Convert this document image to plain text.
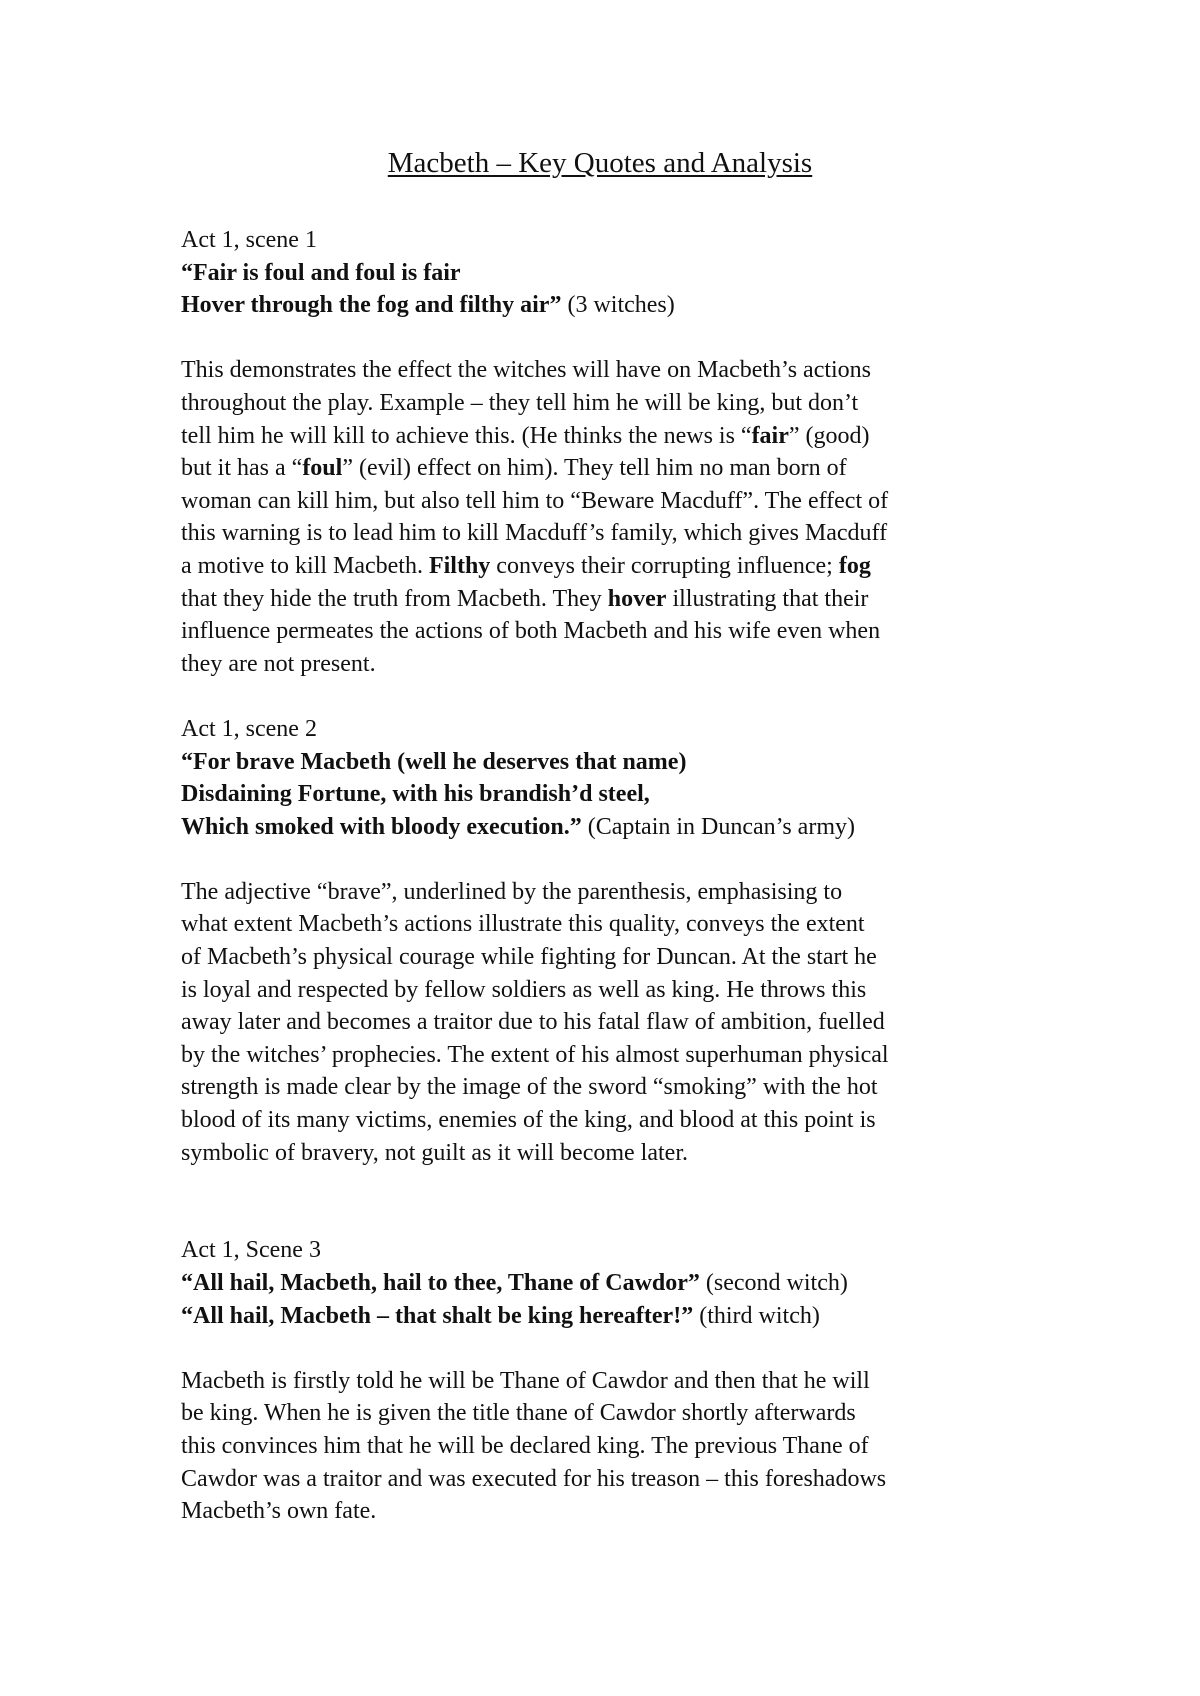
Macbeth – Key Quotes and Analysis
Act 1, scene 1
“Fair is foul and foul is fair
Hover through the fog and filthy air” (3 witches)
This demonstrates the effect the witches will have on Macbeth’s actions
throughout the play. Example – they tell him he will be king, but don’t
tell him he will kill to achieve this. (He thinks the news is “fair” (good)
but it has a “foul” (evil) effect on him). They tell him no man born of
woman can kill him, but also tell him to “Beware Macduff”. The effect of
this warning is to lead him to kill Macduff’s family, which gives Macduff
a motive to kill Macbeth. Filthy conveys their corrupting influence; fog
that they hide the truth from Macbeth. They hover illustrating that their
influence permeates the actions of both Macbeth and his wife even when
they are not present.
Act 1, scene 2
“For brave Macbeth (well he deserves that name)
Disdaining Fortune, with his brandish’d steel,
Which smoked with bloody execution.” (Captain in Duncan’s army)
The adjective “brave”, underlined by the parenthesis, emphasising to
what extent Macbeth’s actions illustrate this quality, conveys the extent
of Macbeth’s physical courage while fighting for Duncan. At the start he
is loyal and respected by fellow soldiers as well as king. He throws this
away later and becomes a traitor due to his fatal flaw of ambition, fuelled
by the witches’ prophecies. The extent of his almost superhuman physical
strength is made clear by the image of the sword “smoking” with the hot
blood of its many victims, enemies of the king, and blood at this point is
symbolic of bravery, not guilt as it will become later.
Act 1, Scene 3
“All hail, Macbeth, hail to thee, Thane of Cawdor” (second witch)
“All hail, Macbeth – that shalt be king hereafter!” (third witch)
Macbeth is firstly told he will be Thane of Cawdor and then that he will
be king. When he is given the title thane of Cawdor shortly afterwards
this convinces him that he will be declared king. The previous Thane of
Cawdor was a traitor and was executed for his treason – this foreshadows
Macbeth’s own fate.
